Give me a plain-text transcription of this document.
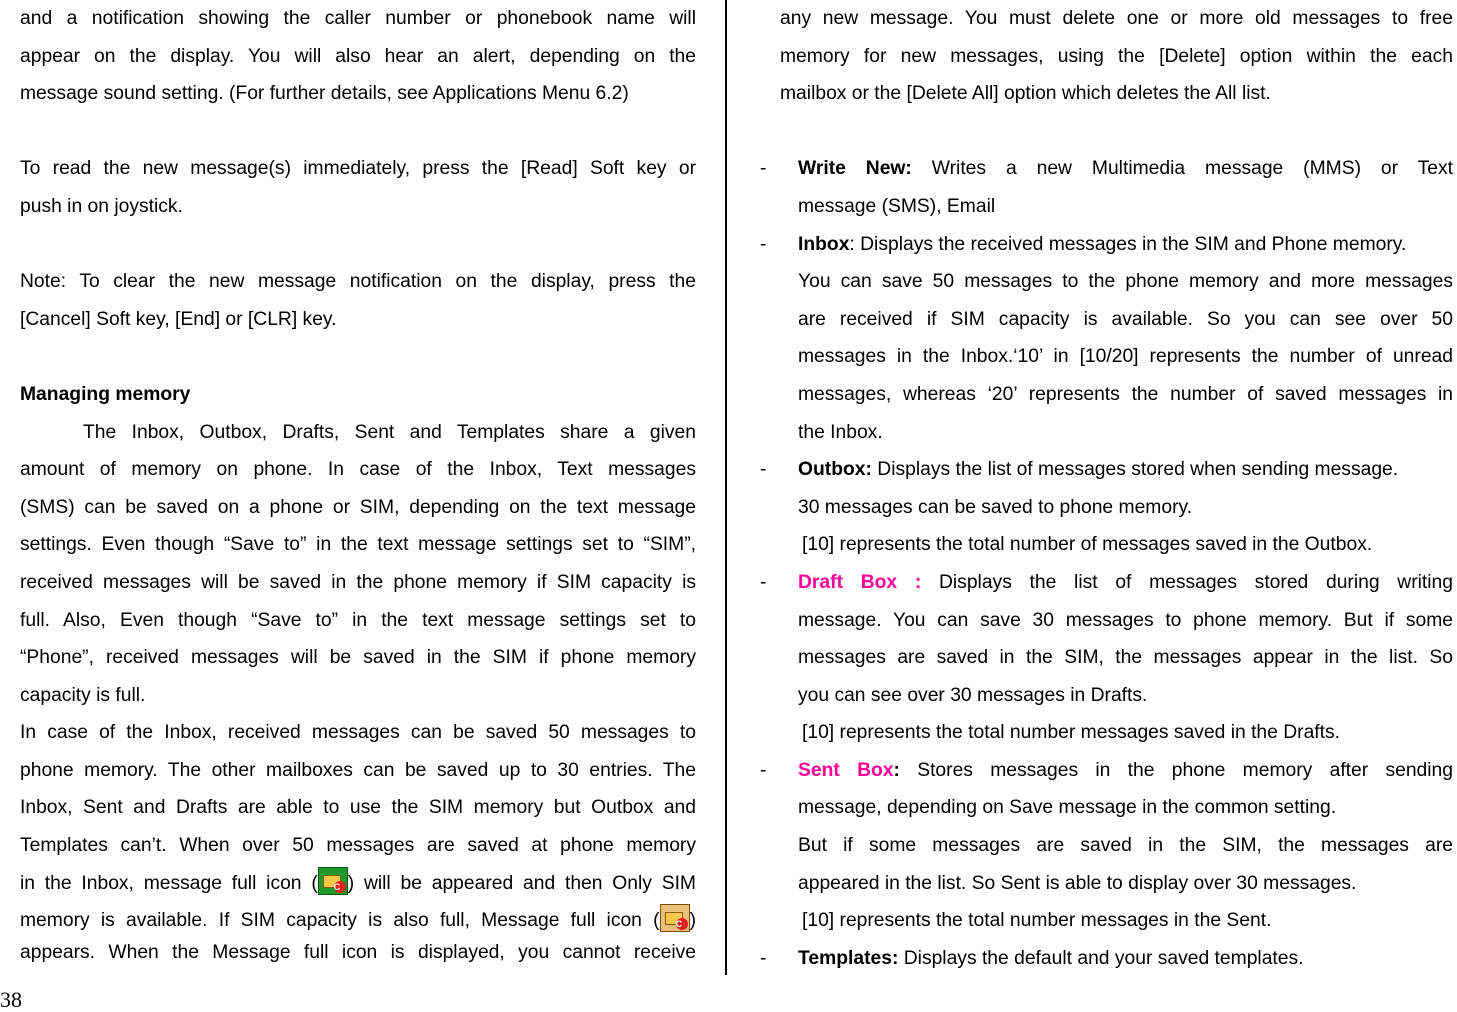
and a notification showing the caller number or phonebook name will
appear on the display. You will also hear an alert, depending on the
message sound setting. (For further details, see Applications Menu 6.2)
To read the new message(s) immediately, press the [Read] Soft key or
push in on joystick.
Note: To clear the new message notification on the display, press the
[Cancel] Soft key, [End] or [CLR] key.
Managing memory
The Inbox, Outbox, Drafts, Sent and Templates share a given
amount of memory on phone. In case of the Inbox, Text messages
(SMS) can be saved on a phone or SIM, depending on the text message
settings. Even though “Save to” in the text message settings set to “SIM”,
received messages will be saved in the phone memory if SIM capacity is
full. Also, Even though “Save to” in the text message settings set to
“Phone”, received messages will be saved in the SIM if phone memory
capacity is full.
In case of the Inbox, received messages can be saved 50 messages to
phone memory. The other mailboxes can be saved up to 30 entries. The
Inbox, Sent and Drafts are able to use the SIM memory but Outbox and
Templates can’t. When over 50 messages are saved at phone memory
in the Inbox, message full icon ( C ) will be appeared and then Only SIM
memory is available. If SIM capacity is also full, Message full icon ( C )
appears. When the Message full icon is displayed, you cannot receive
any new message. You must delete one or more old messages to free
memory for new messages, using the [Delete] option within the each
mailbox or the [Delete All] option which deletes the All list.
- Write New: Writes a new Multimedia message (MMS) or Text
message (SMS), Email
- Inbox: Displays the received messages in the SIM and Phone memory.
You can save 50 messages to the phone memory and more messages
are received if SIM capacity is available. So you can see over 50
messages in the Inbox.‘10’ in [10/20] represents the number of unread
messages, whereas ‘20’ represents the number of saved messages in
the Inbox.
- Outbox: Displays the list of messages stored when sending message.
30 messages can be saved to phone memory.
[10] represents the total number of messages saved in the Outbox.
- Draft Box : Displays the list of messages stored during writing
message. You can save 30 messages to phone memory. But if some
messages are saved in the SIM, the messages appear in the list. So
you can see over 30 messages in Drafts.
[10] represents the total number messages saved in the Drafts.
- Sent Box: Stores messages in the phone memory after sending
message, depending on Save message in the common setting.
But if some messages are saved in the SIM, the messages are
appeared in the list. So Sent is able to display over 30 messages.
[10] represents the total number messages in the Sent.
- Templates: Displays the default and your saved templates.
38
